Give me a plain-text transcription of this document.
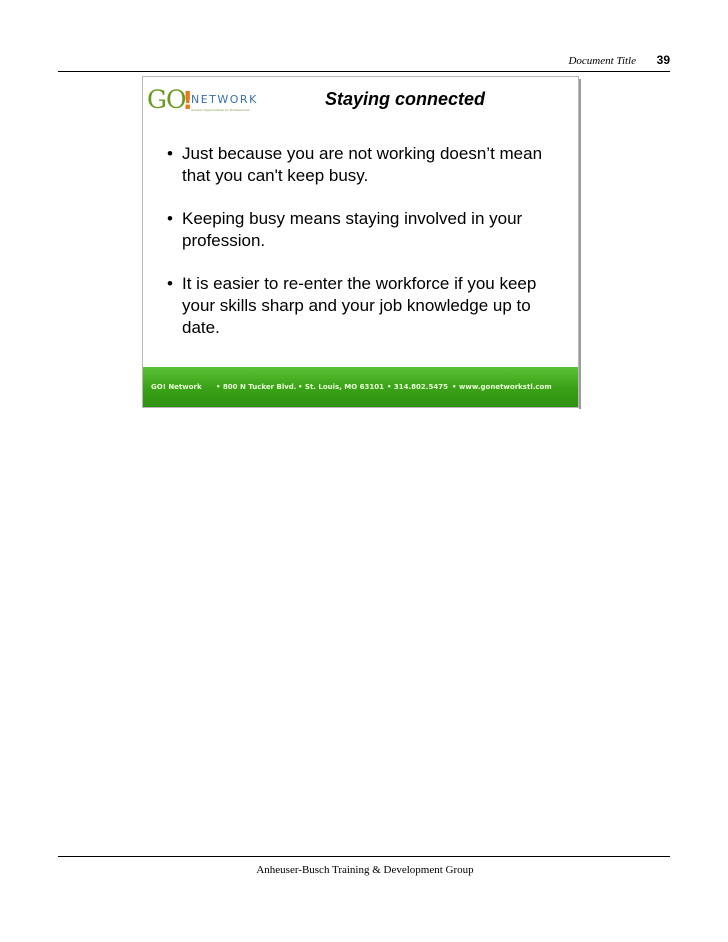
Document Title	39
GO
!
NETWORK
Greater Opportunities for Professionals
Staying connected
• Just because you are not working doesn’t mean that you can't keep busy.
• Keeping busy means staying involved in your profession.
• It is easier to re-enter the workforce if you keep your skills sharp and your job knowledge up to date.
GO! Network • 800 N Tucker Blvd. • St. Louis, MO 63101 • 314.802.5475 • www.gonetworkstl.com
Anheuser-Busch Training & Development Group
